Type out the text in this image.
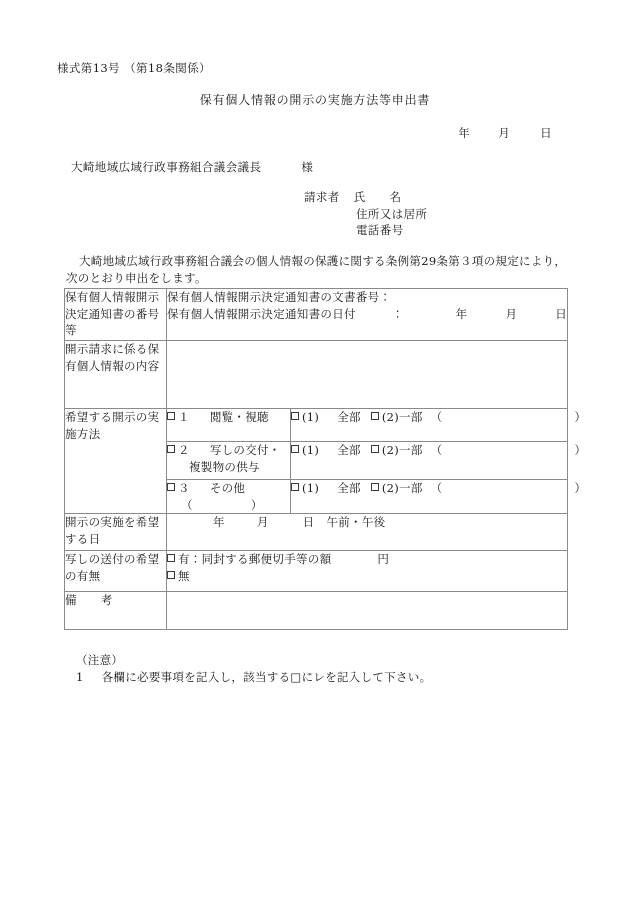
様式第13号 （第18条関係）
保有個人情報の開示の実施方法等申出書
年 月	日
大崎地域広域行政事務組合議会議長	様
請求者 氏 名
住所又は居所
電話番号
大崎地域広域行政事務組合議会の個人情報の保護に関する条例第29条第３項の規定により，次のとおり申出をします。
保有個人情報開示決定通知書の番号等	保有個人情報開示決定通知書の文書番号：
保有個人情報開示決定通知書の日付 ： 年 月 日	

開示請求に係る保有個人情報の内容		
希望する開示の実施方法	１ 閲覧・視聴	(1) 全部 (2)一部 （ ）
	２ 写しの交付・
複製物の供与	(1) 全部 (2)一部 （ ）
	３ その他
（ ）	(1) 全部 (2)一部 （ ）
開示の実施を希望する日	年 月 日 午前・午後	
写しの送付の希望の有無	有：同封する郵便切手等の額 円
無	

備 考		
（注意）
1 各欄に必要事項を記入し，該当する□にレを記入して下さい。
